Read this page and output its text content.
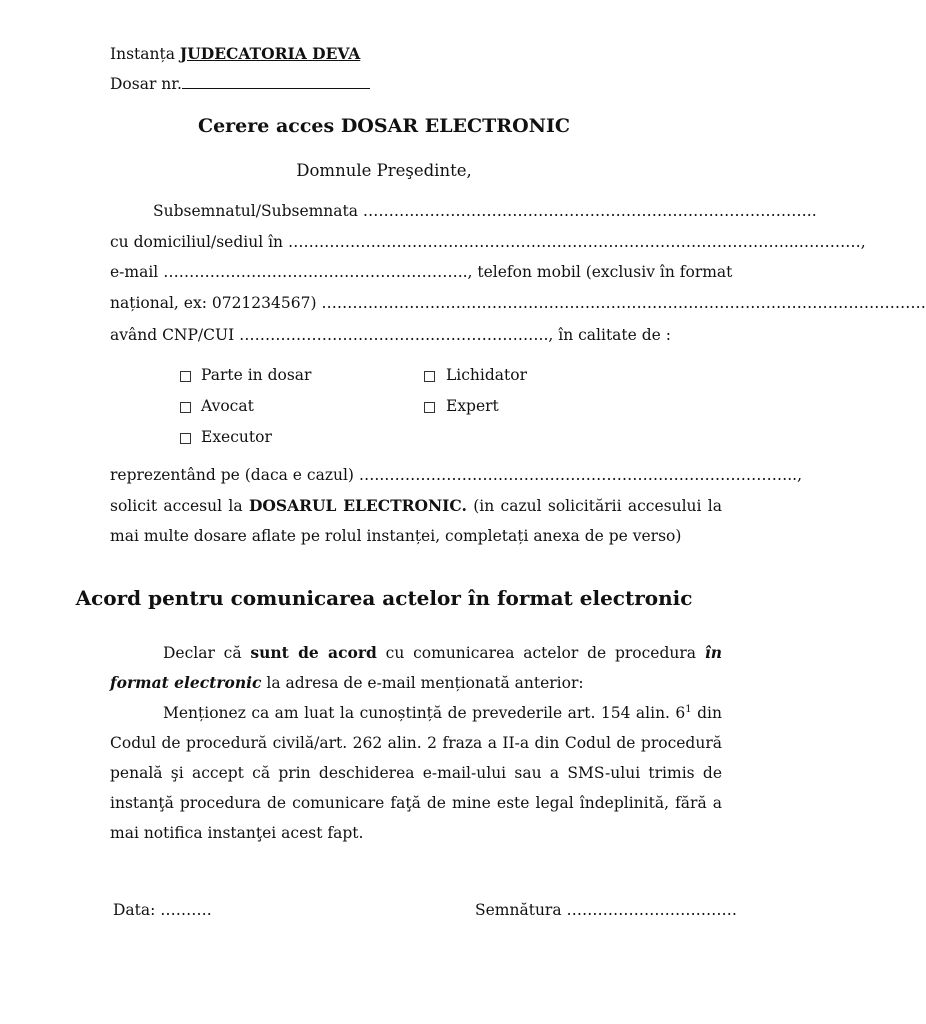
Instanța JUDECATORIA DEVA
Dosar nr.
Cerere acces DOSAR ELECTRONIC
Domnule Preşedinte,
Subsemnatul/Subsemnata ………..…………………………………………………………………..
cu domiciliul/sediul în ……………………………………………………………………………………...…………,
e-mail ………………………………………………….., telefon mobil (exclusiv în format
național, ex: 0721234567) ………………………………………………………………………………………………………
având CNP/CUI ……………………………….………………….., în calitate de :
Parte in dosar
Avocat
Executor
Lichidator
Expert
reprezentând pe (daca e cazul) …..……………………………………………………………………..,

solicit accesul la DOSARUL ELECTRONIC. (in cazul solicitării accesului la mai multe dosare aflate pe rolul instanței, completați anexa de pe verso)

Acord pentru comunicarea actelor în format electronic

Declar că sunt de acord cu comunicarea actelor de procedura în format electronic la adresa de e-mail menționată anterior:

Menționez ca am luat la cunoștință de prevederile art. 154 alin. $6^1$ din Codul de procedură civilă/art. 262 alin. 2 fraza a II-a din Codul de procedură penală şi accept că prin deschiderea e-mail-ului sau a SMS-ului trimis de instanţă procedura de comunicare faţă de mine este legal îndeplinită, fără a mai notifica instanţei acest fapt.

Data: ……….	Semnătura ……………………………
